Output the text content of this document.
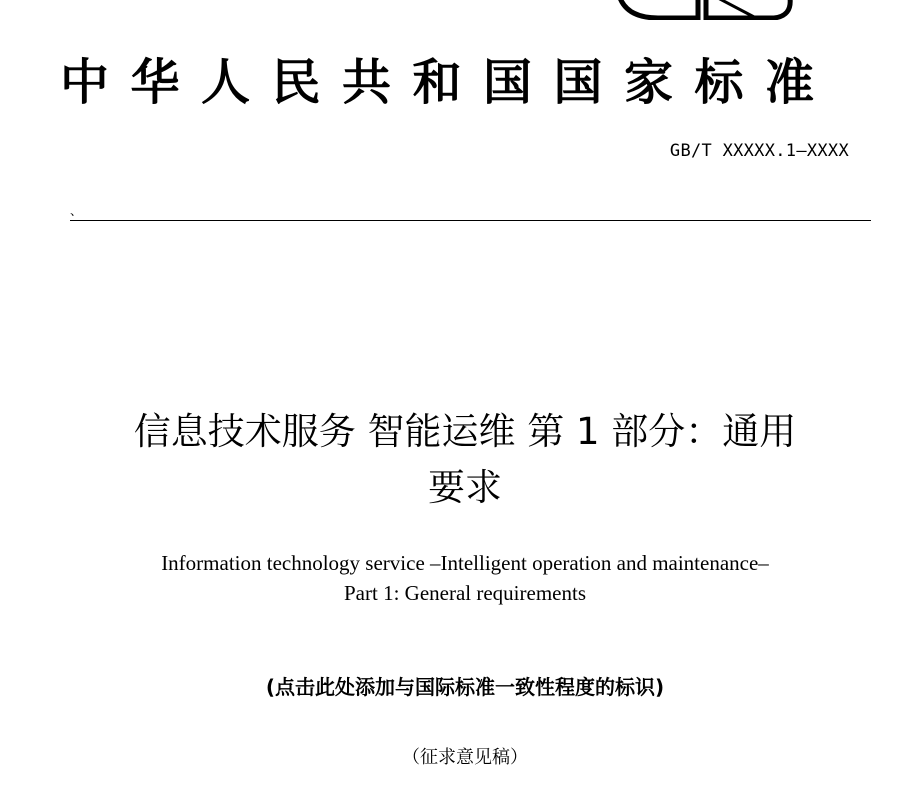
中华人民共和国国家标准
GB/T XXXXX.1—XXXX
、
信息技术服务 智能运维 第 1 部分：通用
要求
Information technology service –Intelligent operation and maintenance–
Part 1: General requirements
(点击此处添加与国际标准一致性程度的标识)
（征求意见稿）
